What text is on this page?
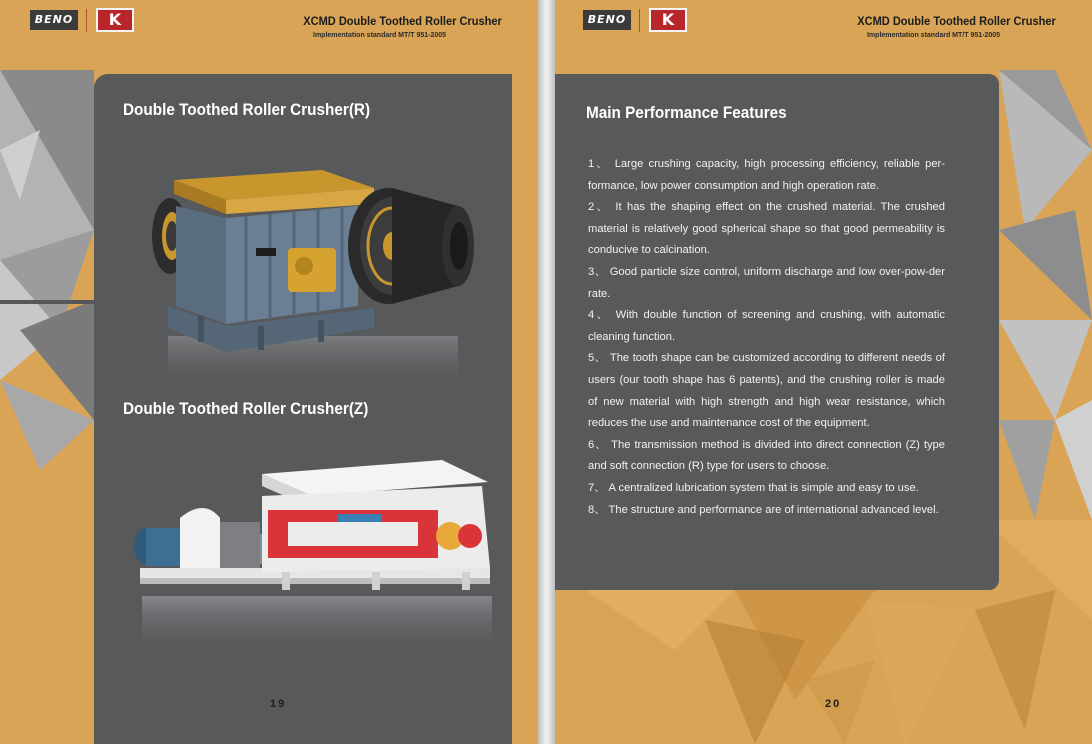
BENO	K	XCMD Double Toothed Roller Crusher
Implementation standard MT/T 951-2005
Double Toothed Roller Crusher(R)
Double Toothed Roller Crusher(Z)
19
BENO	K	XCMD Double Toothed Roller Crusher
Implementation standard MT/T 951-2005
Main Performance Features

1、 Large crushing capacity, high processing efficiency, reliable per-formance, low power consumption and high operation rate.

2、 It has the shaping effect on the crushed material. The crushed material is relatively good spherical shape so that good permeability is conducive to calcination.

3、 Good particle size control, uniform discharge and low over-pow-der rate.

4、 With double function of screening and crushing, with automatic cleaning function.

5、 The tooth shape can be customized according to different needs of users (our tooth shape has 6 patents), and the crushing roller is made of new material with high strength and high wear resistance, which reduces the use and maintenance cost of the equipment.

6、 The transmission method is divided into direct connection (Z) type and soft connection (R) type for users to choose.

7、 A centralized lubrication system that is simple and easy to use.

8、 The structure and performance are of international advanced level.

20
